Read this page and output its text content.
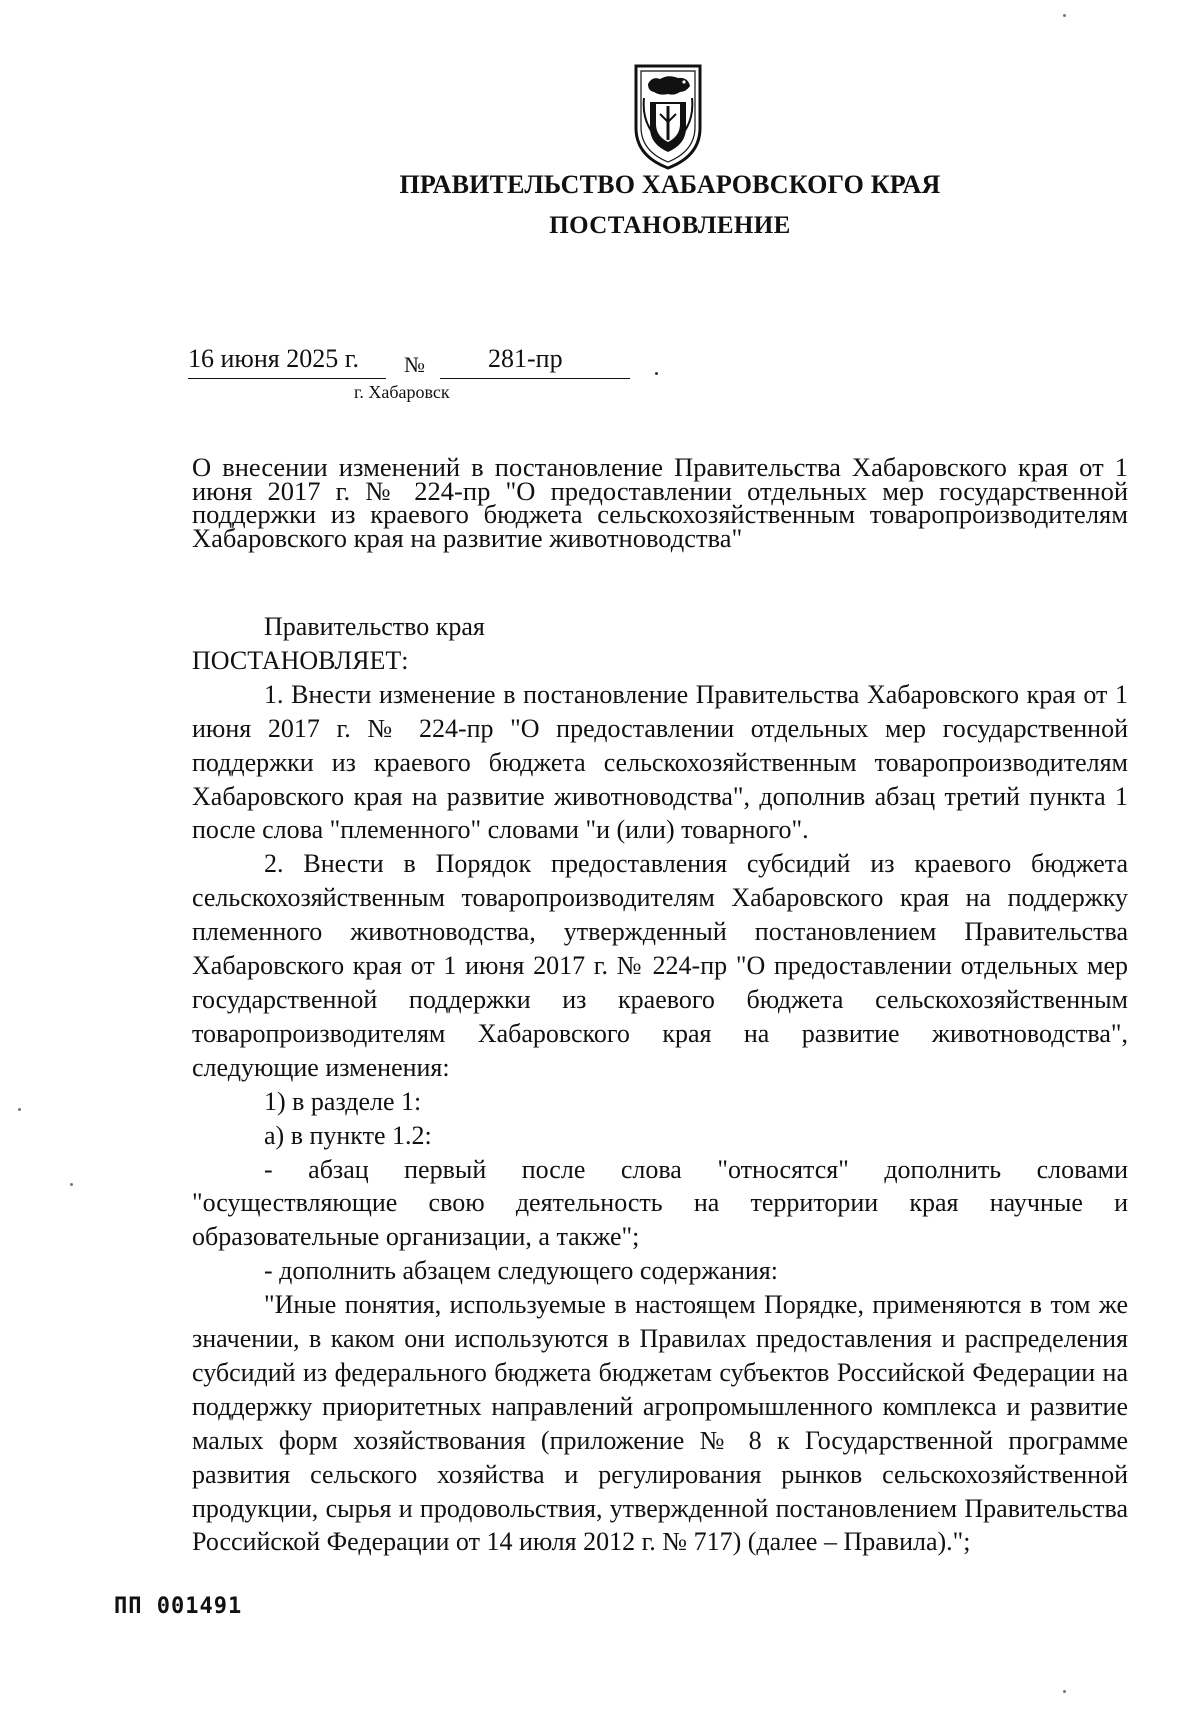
ПРАВИТЕЛЬСТВО ХАБАРОВСКОГО КРАЯ
ПОСТАНОВЛЕНИЕ
16 июня 2025 г. № 281-пр
г. Хабаровск
О внесении изменений в постановление Правительства Хабаровского края от 1 июня 2017 г. № 224-пр "О предоставлении отдельных мер государственной поддержки из краевого бюджета сельскохозяйственным товаропроизводителям Хабаровского края на развитие животноводства"

Правительство края

ПОСТАНОВЛЯЕТ:

1. Внести изменение в постановление Правительства Хабаровского края от 1 июня 2017 г. № 224-пр "О предоставлении отдельных мер государственной поддержки из краевого бюджета сельскохозяйственным товаропроизводителям Хабаровского края на развитие животноводства", дополнив абзац третий пункта 1 после слова "племенного" словами "и (или) товарного".

2. Внести в Порядок предоставления субсидий из краевого бюджета сельскохозяйственным товаропроизводителям Хабаровского края на поддержку племенного животноводства, утвержденный постановлением Правительства Хабаровского края от 1 июня 2017 г. № 224-пр "О предоставлении отдельных мер государственной поддержки из краевого бюджета сельскохозяйственным товаропроизводителям Хабаровского края на развитие животноводства", следующие изменения:

1) в разделе 1:

а) в пункте 1.2:

- абзац первый после слова "относятся" дополнить словами "осуществляющие свою деятельность на территории края научные и образовательные организации, а также";

- дополнить абзацем следующего содержания:

"Иные понятия, используемые в настоящем Порядке, применяются в том же значении, в каком они используются в Правилах предоставления и распределения субсидий из федерального бюджета бюджетам субъектов Российской Федерации на поддержку приоритетных направлений агропромышленного комплекса и развитие малых форм хозяйствования (приложение № 8 к Государственной программе развития сельского хозяйства и регулирования рынков сельскохозяйственной продукции, сырья и продовольствия, утвержденной постановлением Правительства Российской Федерации от 14 июля 2012 г. № 717) (далее – Правила).";

ПП 001491
